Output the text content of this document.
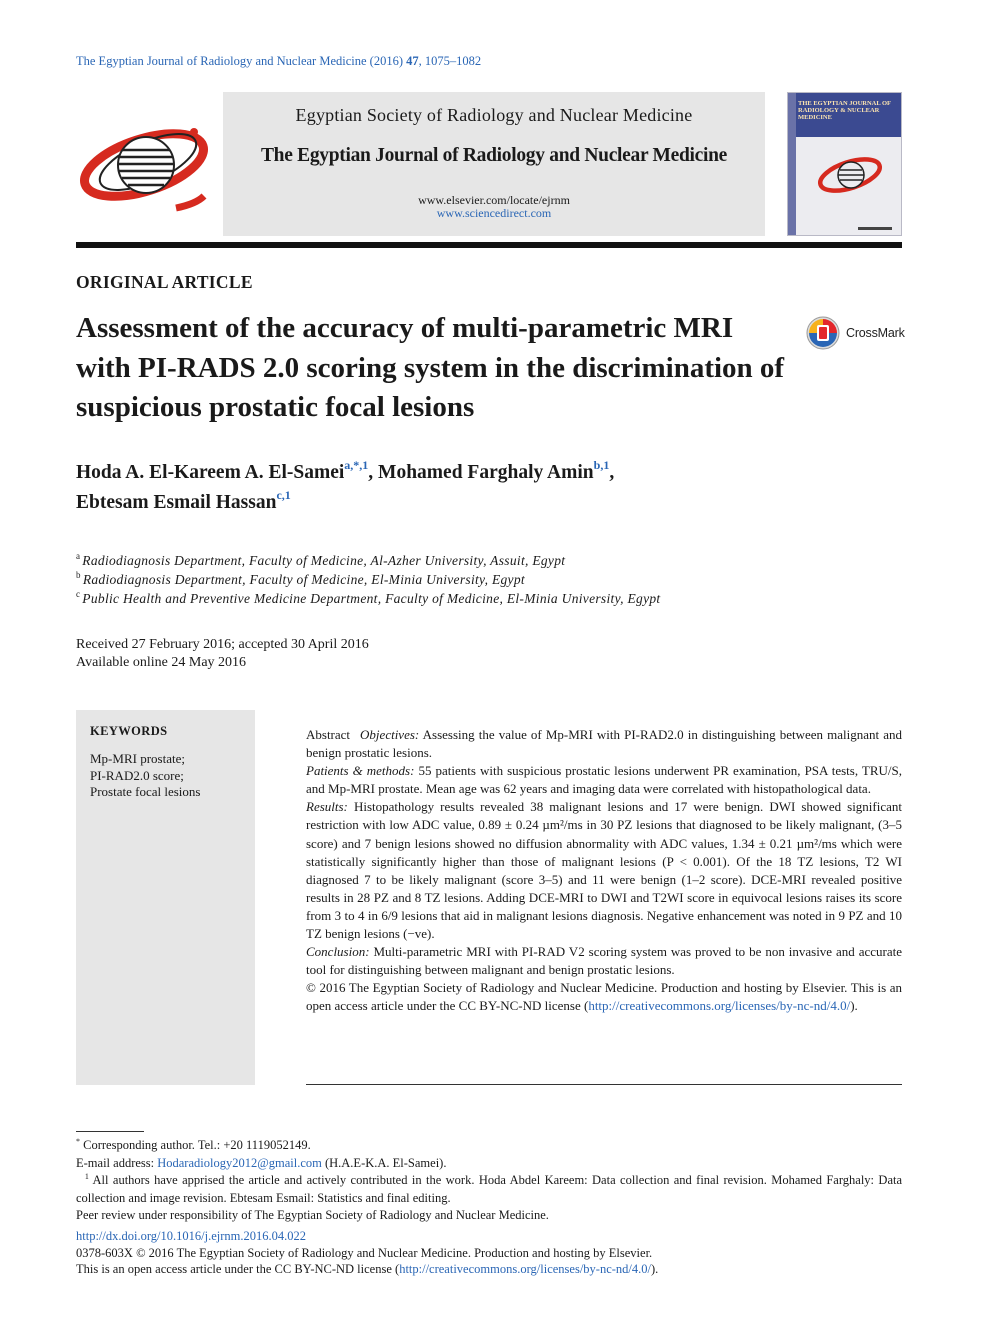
The Egyptian Journal of Radiology and Nuclear Medicine (2016) 47, 1075–1082
Egyptian Society of Radiology and Nuclear Medicine
The Egyptian Journal of Radiology and Nuclear Medicine
www.elsevier.com/locate/ejrnm
www.sciencedirect.com
THE EGYPTIAN JOURNAL OF RADIOLOGY & NUCLEAR MEDICINE
ORIGINAL ARTICLE
Assessment of the accuracy of multi-parametric MRI with PI-RADS 2.0 scoring system in the discrimination of suspicious prostatic focal lesions
CrossMark
Hoda A. El-Kareem A. El-Samei$^{a,*,1}$, Mohamed Farghaly Amin$^{b,1}$,
Ebtesam Esmail Hassan$^{c,1}$
$^a$ Radiodiagnosis Department, Faculty of Medicine, Al-Azher University, Assuit, Egypt
$^b$ Radiodiagnosis Department, Faculty of Medicine, El-Minia University, Egypt
$^c$ Public Health and Preventive Medicine Department, Faculty of Medicine, El-Minia University, Egypt
Received 27 February 2016; accepted 30 April 2016
Available online 24 May 2016
KEYWORDS
Mp-MRI prostate;
PI-RAD2.0 score;
Prostate focal lesions

Abstract Objectives: Assessing the value of Mp-MRI with PI-RAD2.0 in distinguishing between malignant and benign prostatic lesions.

Patients & methods: 55 patients with suspicious prostatic lesions underwent PR examination, PSA tests, TRU/S, and Mp-MRI prostate. Mean age was 62 years and imaging data were correlated with histopathological data.

Results: Histopathology results revealed 38 malignant lesions and 17 were benign. DWI showed significant restriction with low ADC value, 0.89 ± 0.24 µm²/ms in 30 PZ lesions that diagnosed to be likely malignant, (3–5 score) and 7 benign lesions showed no diffusion abnormality with ADC values, 1.34 ± 0.21 µm²/ms which were statistically significantly higher than those of malignant lesions (P < 0.001). Of the 18 TZ lesions, T2 WI diagnosed 7 to be likely malignant (score 3–5) and 11 were benign (1–2 score). DCE-MRI revealed positive results in 28 PZ and 8 TZ lesions. Adding DCE-MRI to DWI and T2WI score in equivocal lesions raises its score from 3 to 4 in 6/9 lesions that aid in malignant lesions diagnosis. Negative enhancement was noted in 9 PZ and 10 TZ benign lesions (−ve).

Conclusion: Multi-parametric MRI with PI-RAD V2 scoring system was proved to be non invasive and accurate tool for distinguishing between malignant and benign prostatic lesions.

© 2016 The Egyptian Society of Radiology and Nuclear Medicine. Production and hosting by Elsevier. This is an open access article under the CC BY-NC-ND license (http://creativecommons.org/licenses/by-nc-nd/4.0/).

* Corresponding author. Tel.: +20 1119052149.

E-mail address: Hodaradiology2012@gmail.com (H.A.E-K.A. El-Samei).

$^1$ All authors have apprised the article and actively contributed in the work. Hoda Abdel Kareem: Data collection and final revision. Mohamed Farghaly: Data collection and image revision. Ebtesam Esmail: Statistics and final editing.

Peer review under responsibility of The Egyptian Society of Radiology and Nuclear Medicine.

http://dx.doi.org/10.1016/j.ejrnm.2016.04.022

0378-603X © 2016 The Egyptian Society of Radiology and Nuclear Medicine. Production and hosting by Elsevier.

This is an open access article under the CC BY-NC-ND license (http://creativecommons.org/licenses/by-nc-nd/4.0/).
